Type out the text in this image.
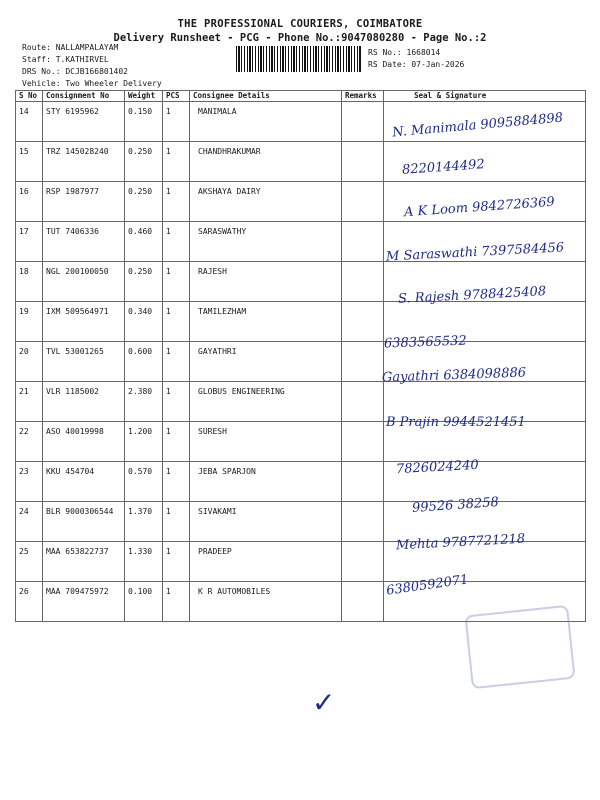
THE PROFESSIONAL COURIERS, COIMBATORE
Delivery Runsheet - PCG - Phone No.:9047080280 - Page No.:2
Route: NALLAMPALAYAM
Staff: T.KATHIRVEL
DRS No.: DCJB166801402
Vehicle: Two Wheeler Delivery
RS No.: 1668014
RS Date: 07-Jan-2026
S No	Consignment No	Weight	PCS	Consignee Details	Remarks	Seal & Signature
14	STY 6195962	0.150	1	MANIMALA		
15	TRZ 145028240	0.250	1	CHANDHRAKUMAR		
16	RSP 1987977	0.250	1	AKSHAYA DAIRY		
17	TUT 7406336	0.460	1	SARASWATHY		
18	NGL 200100050	0.250	1	RAJESH		
19	IXM 509564971	0.340	1	TAMILEZHAM		
20	TVL 53001265	0.600	1	GAYATHRI		
21	VLR 1185002	2.380	1	GLOBUS ENGINEERING		
22	ASO 40019998	1.200	1	SURESH		
23	KKU 454704	0.570	1	JEBA SPARJON		
24	BLR 9000306544	1.370	1	SIVAKAMI		
25	MAA 653822737	1.330	1	PRADEEP		
26	MAA 709475972	0.100	1	K R AUTOMOBILES		
N. Manimala 9095884898
8220144492
A K Loom 9842726369
M Saraswathi 7397584456
S. Rajesh 9788425408
6383565532
Gayathri 6384098886
B Prajin 9944521451
7826024240
99526 38258
Mehta 9787721218
6380592071
✓
